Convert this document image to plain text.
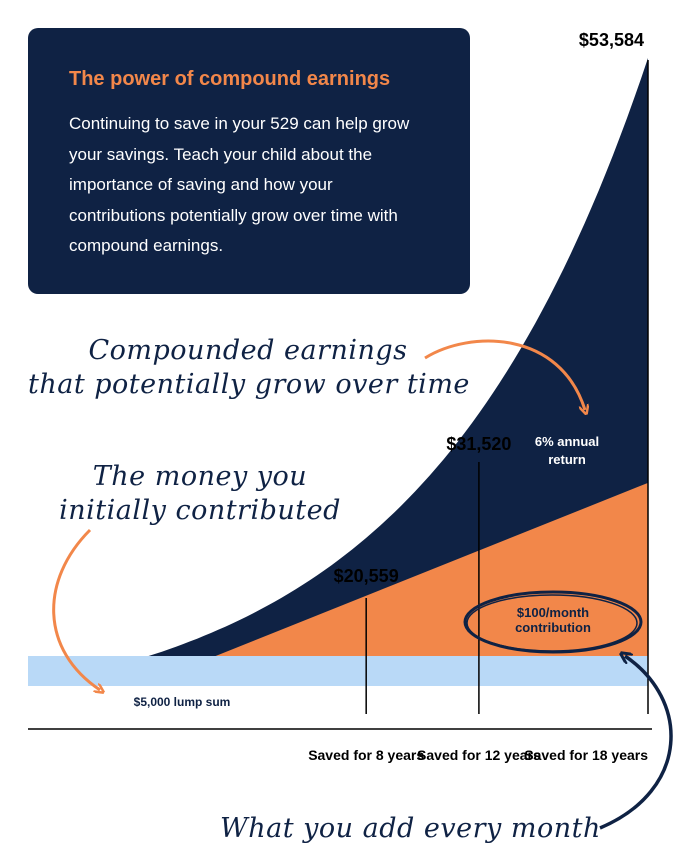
$20,559
Saved for 8 years
$31,520
Saved for 12 years
$53,584
Saved for 18 years
$5,000 lump sum
6% annual
return
$100/month
contribution
The power of compound earnings

Continuing to save in your 529 can help grow your savings. Teach your child about the importance of saving and how your contributions potentially grow over time with compound earnings.

Compounded earnings
that potentially grow over time
The money you
initially contributed
What you add every month
